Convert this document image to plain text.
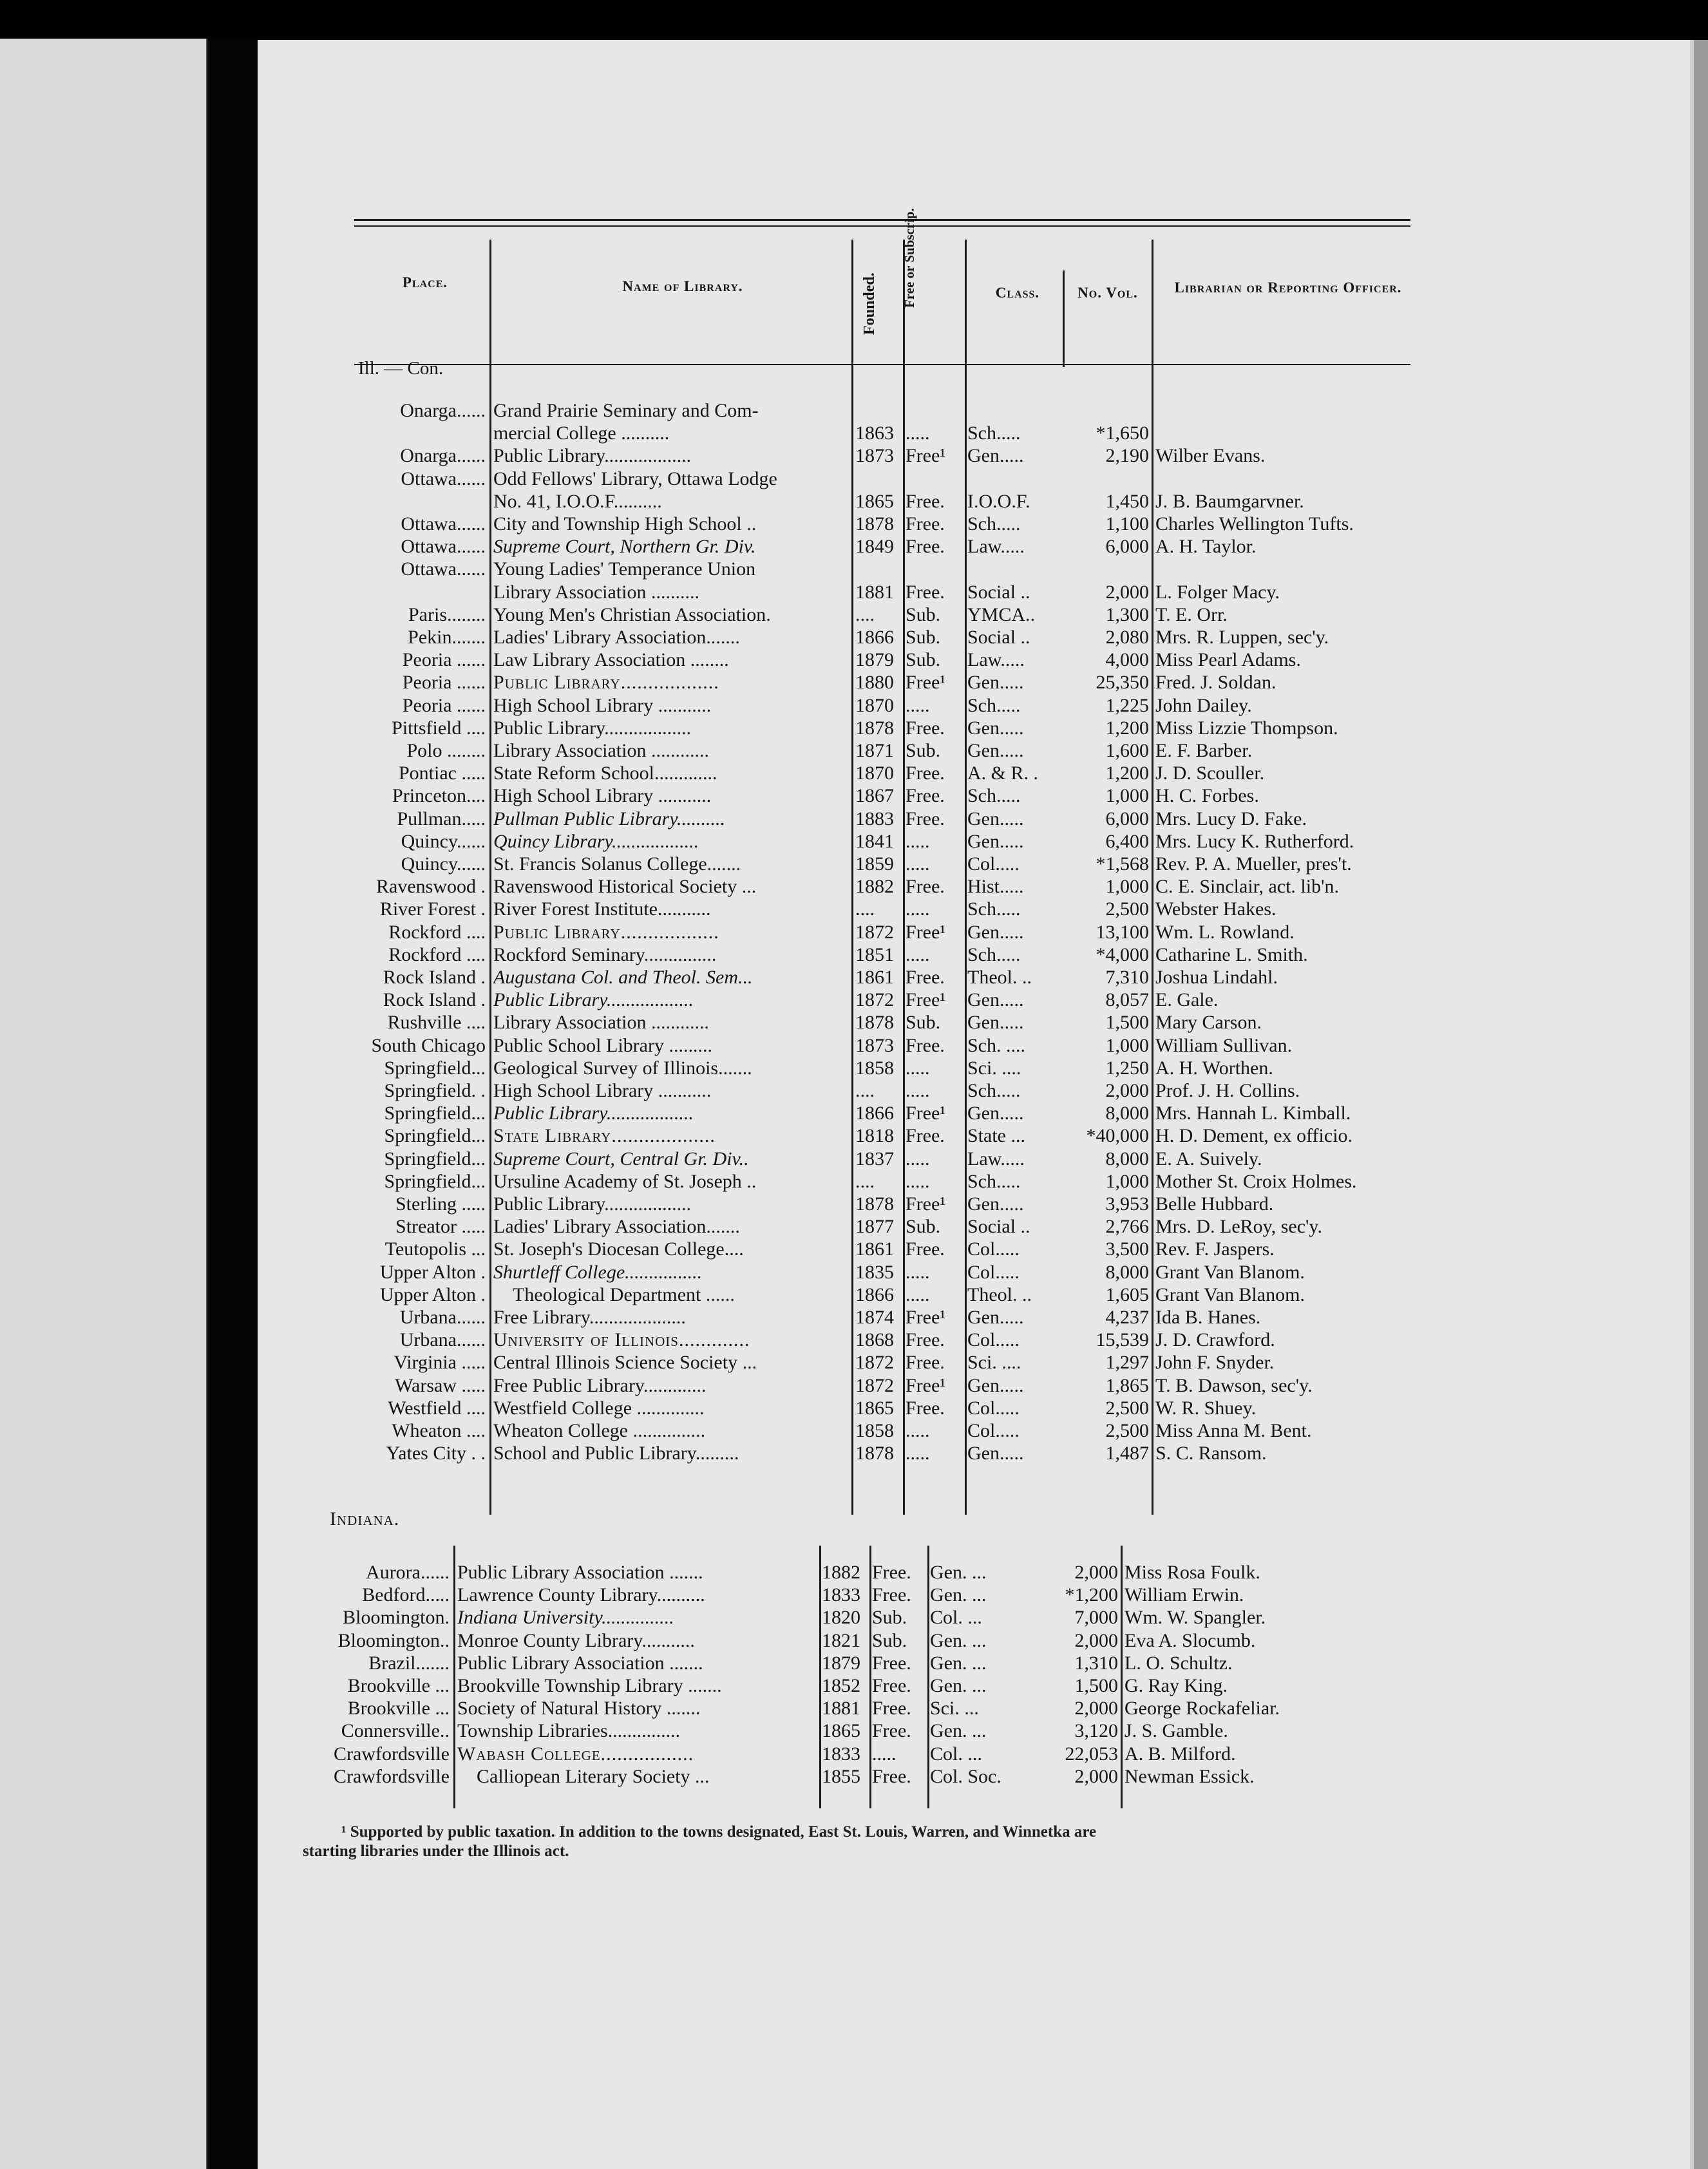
Place.	Name of Library.	Founded. Free or Subscrip.	Class.	No. Vol.	Librarian or Reporting Officer.
Ill. — Con.
Onarga...... Grand Prairie Seminary and Com-
mercial College ..........	1863 .....	Sch.....	*1,650
Onarga...... Public Library..................	1873 Free¹	Gen.....	2,190 Wilber Evans.
Ottawa...... Odd Fellows' Library, Ottawa Lodge
No. 41, I.O.O.F..........	1865 Free.	I.O.O.F.	1,450 J. B. Baumgarvner.
Ottawa...... City and Township High School ..	1878 Free.	Sch.....	1,100 Charles Wellington Tufts.
Ottawa...... Supreme Court, Northern Gr. Div.	1849 Free.	Law.....	6,000 A. H. Taylor.
Ottawa...... Young Ladies' Temperance Union
Library Association ..........	1881 Free.	Social ..	2,000 L. Folger Macy.
Paris........ Young Men's Christian Association.	....	Sub.	YMCA..	1,300 T. E. Orr.
Pekin....... Ladies' Library Association.......	1866 Sub.	Social ..	2,080 Mrs. R. Luppen, sec'y.
Peoria ...... Law Library Association ........	1879 Sub.	Law.....	4,000 Miss Pearl Adams.
Peoria ...... Public Library..................	1880 Free¹	Gen.....	25,350 Fred. J. Soldan.
Peoria ...... High School Library ...........	1870 .....	Sch.....	1,225 John Dailey.
Pittsfield .... Public Library..................	1878 Free.	Gen.....	1,200 Miss Lizzie Thompson.
Polo ........ Library Association ............	1871 Sub.	Gen.....	1,600 E. F. Barber.
Pontiac ..... State Reform School.............	1870 Free.	A. & R. .	1,200 J. D. Scouller.
Princeton.... High School Library ...........	1867 Free.	Sch.....	1,000 H. C. Forbes.
Pullman..... Pullman Public Library..........	1883 Free.	Gen.....	6,000 Mrs. Lucy D. Fake.
Quincy...... Quincy Library..................	1841 .....	Gen.....	6,400 Mrs. Lucy K. Rutherford.
Quincy...... St. Francis Solanus College.......	1859 .....	Col.....	*1,568 Rev. P. A. Mueller, pres't.
Ravenswood . Ravenswood Historical Society ...	1882 Free.	Hist.....	1,000 C. E. Sinclair, act. lib'n.
River Forest . River Forest Institute...........	....	.....	Sch.....	2,500 Webster Hakes.
Rockford .... Public Library..................	1872 Free¹	Gen.....	13,100 Wm. L. Rowland.
Rockford .... Rockford Seminary...............	1851 .....	Sch.....	*4,000 Catharine L. Smith.
Rock Island . Augustana Col. and Theol. Sem...	1861 Free.	Theol. ..	7,310 Joshua Lindahl.
Rock Island . Public Library..................	1872 Free¹	Gen.....	8,057 E. Gale.
Rushville .... Library Association ............	1878 Sub.	Gen.....	1,500 Mary Carson.
South Chicago Public School Library .........	1873 Free.	Sch. ....	1,000 William Sullivan.
Springfield... Geological Survey of Illinois.......	1858 .....	Sci. ....	1,250 A. H. Worthen.
Springfield. . High School Library ...........	....	.....	Sch.....	2,000 Prof. J. H. Collins.
Springfield... Public Library..................	1866 Free¹	Gen.....	8,000 Mrs. Hannah L. Kimball.
Springfield... State Library...................	1818 Free.	State ...	*40,000 H. D. Dement, ex officio.
Springfield... Supreme Court, Central Gr. Div..	1837 .....	Law.....	8,000 E. A. Suively.
Springfield... Ursuline Academy of St. Joseph ..	....	.....	Sch.....	1,000 Mother St. Croix Holmes.
Sterling ..... Public Library..................	1878 Free¹	Gen.....	3,953 Belle Hubbard.
Streator ..... Ladies' Library Association.......	1877 Sub.	Social ..	2,766 Mrs. D. LeRoy, sec'y.
Teutopolis ... St. Joseph's Diocesan College....	1861 Free.	Col.....	3,500 Rev. F. Jaspers.
Upper Alton . Shurtleff College................	1835 .....	Col.....	8,000 Grant Van Blanom.
Upper Alton . Theological Department ......	1866 .....	Theol. ..	1,605 Grant Van Blanom.
Urbana...... Free Library....................	1874 Free¹	Gen.....	4,237 Ida B. Hanes.
Urbana...... University of Illinois.............	1868 Free.	Col.....	15,539 J. D. Crawford.
Virginia ..... Central Illinois Science Society ...	1872 Free.	Sci. ....	1,297 John F. Snyder.
Warsaw ..... Free Public Library.............	1872 Free¹	Gen.....	1,865 T. B. Dawson, sec'y.
Westfield .... Westfield College ..............	1865 Free.	Col.....	2,500 W. R. Shuey.
Wheaton .... Wheaton College ...............	1858 .....	Col.....	2,500 Miss Anna M. Bent.
Yates City . . School and Public Library.........	1878 .....	Gen.....	1,487 S. C. Ransom.
Indiana.
Aurora...... Public Library Association .......	1882 Free. Gen. ...	2,000 Miss Rosa Foulk.
Bedford..... Lawrence County Library..........	1833 Free. Gen. ...	*1,200 William Erwin.
Bloomington. Indiana University...............	1820 Sub.	Col. ...	7,000 Wm. W. Spangler.
Bloomington.. Monroe County Library...........	1821 Sub.	Gen. ...	2,000 Eva A. Slocumb.
Brazil....... Public Library Association .......	1879 Free. Gen. ...	1,310 L. O. Schultz.
Brookville ... Brookville Township Library .......	1852 Free. Gen. ...	1,500 G. Ray King.
Brookville ... Society of Natural History .......	1881 Free. Sci. ...	2,000 George Rockafeliar.
Connersville.. Township Libraries...............	1865 Free. Gen. ...	3,120 J. S. Gamble.
Crawfordsville Wabash College.................	1833 .....	Col. ...	22,053 A. B. Milford.
Crawfordsville Calliopean Literary Society ...	1855 Free. Col. Soc.	2,000 Newman Essick.
¹ Supported by public taxation. In addition to the towns designated, East St. Louis, Warren, and Winnetka are
starting libraries under the Illinois act.
